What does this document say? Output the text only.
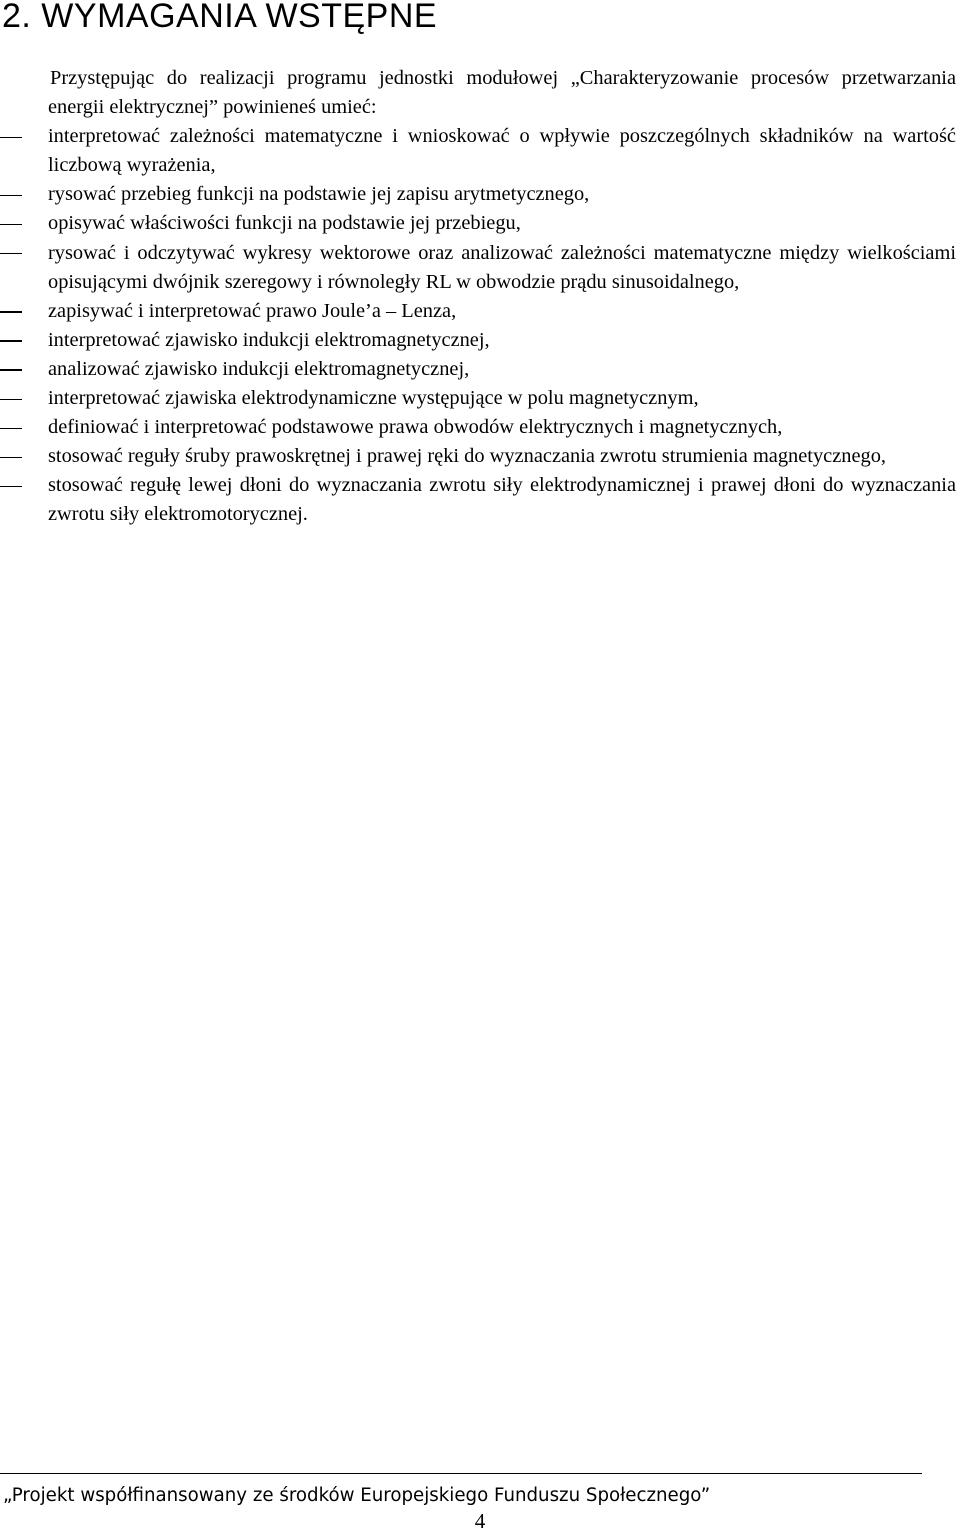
2. WYMAGANIA WSTĘPNE

Przystępując do realizacji programu jednostki modułowej „Charakteryzowanie procesów przetwarzania energii elektrycznej” powinieneś umieć:

interpretować zależności matematyczne i wnioskować o wpływie poszczególnych składników na wartość liczbową wyrażenia,
rysować przebieg funkcji na podstawie jej zapisu arytmetycznego,
opisywać właściwości funkcji na podstawie jej przebiegu,
rysować i odczytywać wykresy wektorowe oraz analizować zależności matematyczne między wielkościami opisującymi dwójnik szeregowy i równoległy RL w obwodzie prądu sinusoidalnego,
zapisywać i interpretować prawo Joule’a – Lenza,
interpretować zjawisko indukcji elektromagnetycznej,
analizować zjawisko indukcji elektromagnetycznej,
interpretować zjawiska elektrodynamiczne występujące w polu magnetycznym,
definiować i interpretować podstawowe prawa obwodów elektrycznych i magnetycznych,
stosować reguły śruby prawoskrętnej i prawej ręki do wyznaczania zwrotu strumienia magnetycznego,
stosować regułę lewej dłoni do wyznaczania zwrotu siły elektrodynamicznej i prawej dłoni do wyznaczania zwrotu siły elektromotorycznej.
„Projekt współfinansowany ze środków Europejskiego Funduszu Społecznego”
4
